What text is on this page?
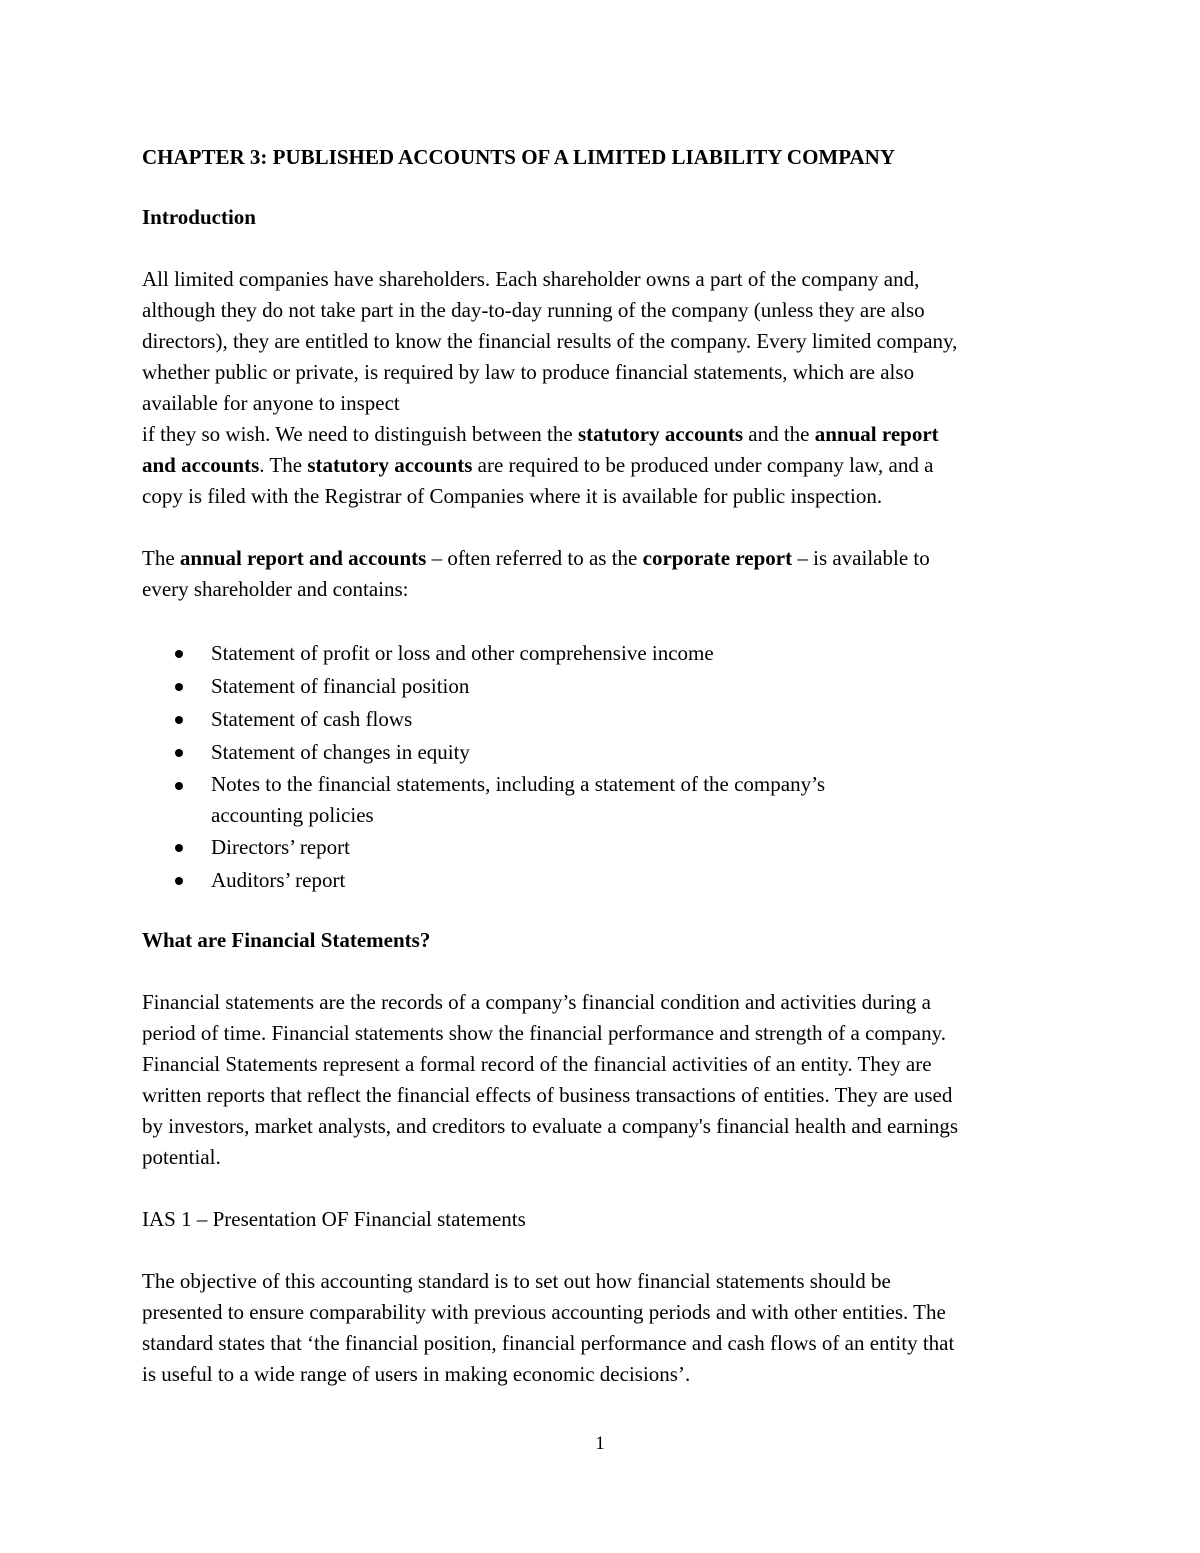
CHAPTER 3: PUBLISHED ACCOUNTS OF A LIMITED LIABILITY COMPANY

Introduction

All limited companies have shareholders. Each shareholder owns a part of the company and,
although they do not take part in the day-to-day running of the company (unless they are also
directors), they are entitled to know the financial results of the company. Every limited company,
whether public or private, is required by law to produce financial statements, which are also
available for anyone to inspect
if they so wish. We need to distinguish between the statutory accounts and the annual report
and accounts. The statutory accounts are required to be produced under company law, and a
copy is filed with the Registrar of Companies where it is available for public inspection.

The annual report and accounts – often referred to as the corporate report – is available to
every shareholder and contains:

Statement of profit or loss and other comprehensive income
Statement of financial position
Statement of cash flows
Statement of changes in equity
Notes to the financial statements, including a statement of the company’s
accounting policies
Directors’ report
Auditors’ report

What are Financial Statements?

Financial statements are the records of a company’s financial condition and activities during a
period of time. Financial statements show the financial performance and strength of a company.
Financial Statements represent a formal record of the financial activities of an entity. They are
written reports that reflect the financial effects of business transactions of entities. They are used
by investors, market analysts, and creditors to evaluate a company's financial health and earnings
potential.

IAS 1 – Presentation OF Financial statements

The objective of this accounting standard is to set out how financial statements should be
presented to ensure comparability with previous accounting periods and with other entities. The
standard states that ‘the financial position, financial performance and cash flows of an entity that
is useful to a wide range of users in making economic decisions’.

1
